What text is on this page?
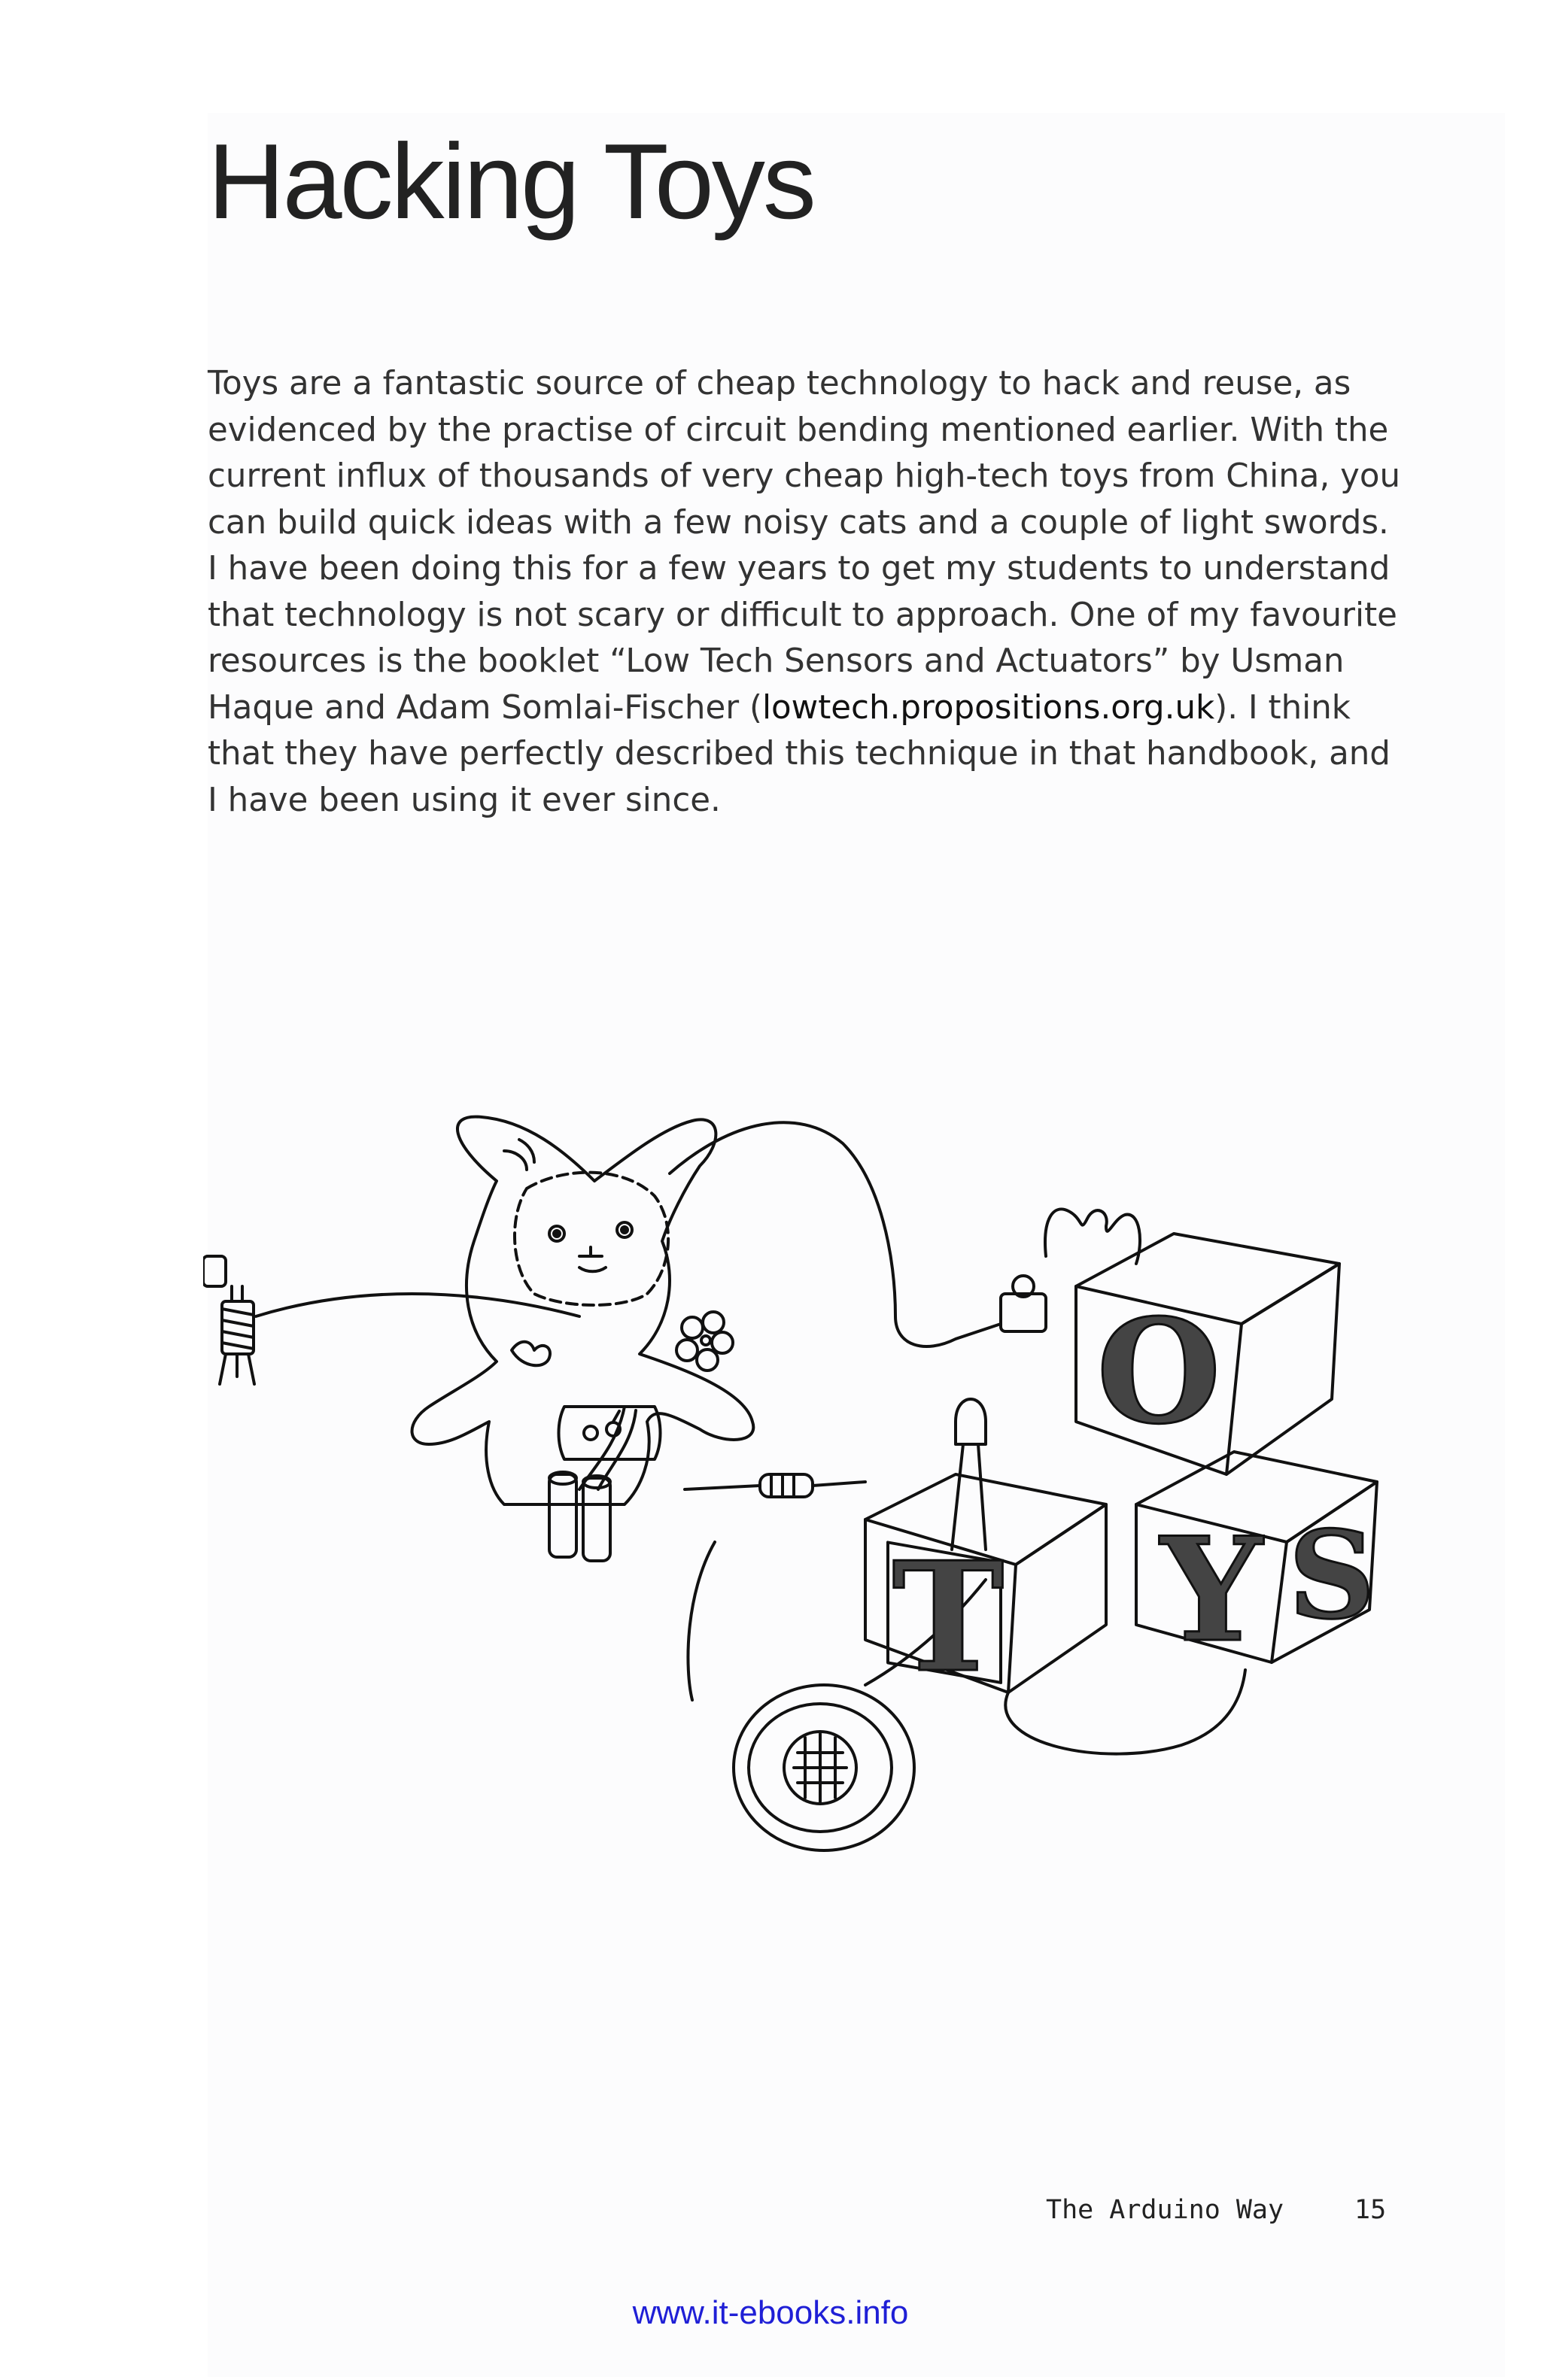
Hacking Toys

Toys are a fantastic source of cheap technology to hack and reuse, as
evidenced by the practise of circuit bending mentioned earlier. With the
current influx of thousands of very cheap high-tech toys from China, you
can build quick ideas with a few noisy cats and a couple of light swords.
I have been doing this for a few years to get my students to understand
that technology is not scary or difficult to approach. One of my favourite
resources is the booklet “Low Tech Sensors and Actuators” by Usman
Haque and Adam Somlai-Fischer (lowtech.propositions.org.uk). I think
that they have perfectly described this technique in that handbook, and
I have been using it ever since.

O
T Y S
The Arduino Way	15
www.it-ebooks.info
